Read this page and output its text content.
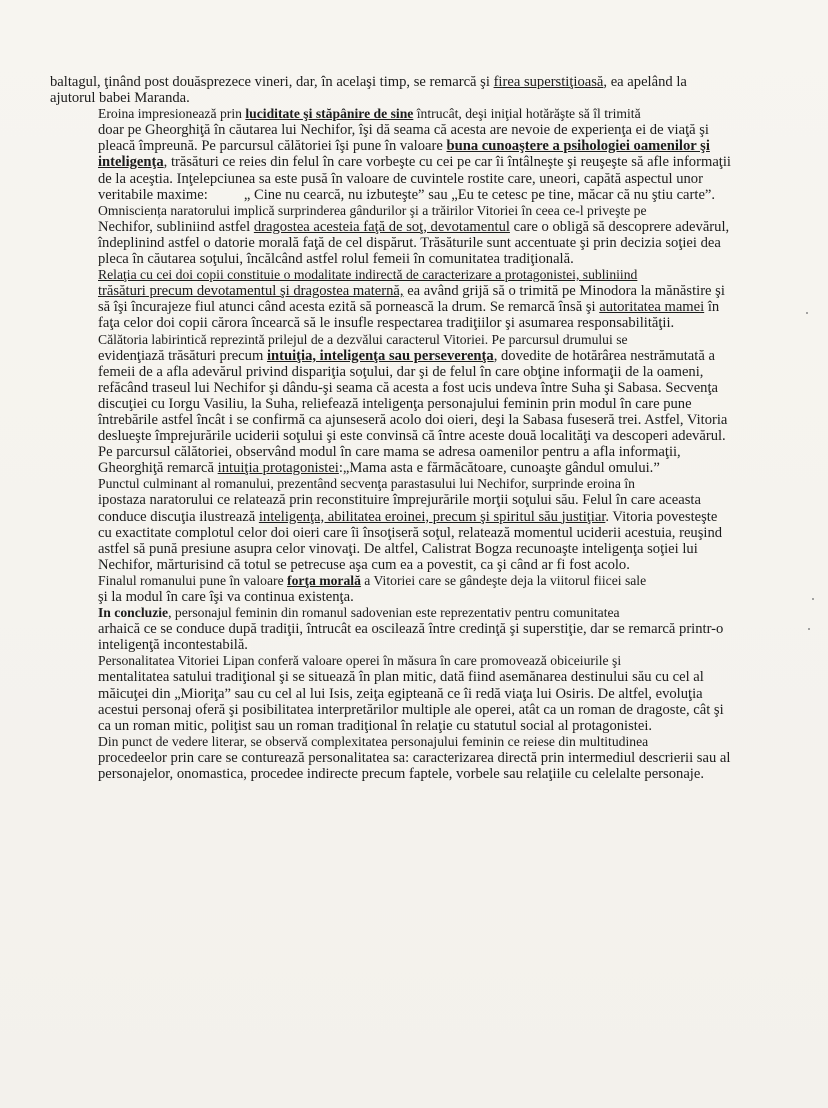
baltagul, ţinând post douăsprezece vineri, dar, în acelaşi timp, se remarcă şi firea superstiţioasă, ea apelând la
ajutorul babei Maranda.

Eroina impresionează prin luciditate şi stăpânire de sine întrucât, deşi iniţial hotărăşte să îl trimită
doar pe Gheorghiţă în căutarea lui Nechifor, îşi dă seama că acesta are nevoie de experienţa ei de viaţă şi
pleacă împreună. Pe parcursul călătoriei îşi pune în valoare buna cunoaştere a psihologiei oamenilor şi
inteligenţa, trăsături ce reies din felul în care vorbeşte cu cei pe car îi întâlneşte şi reuşeşte să afle informaţii
de la aceştia. Inţelepciunea sa este pusă în valoare de cuvintele rostite care, uneori, capătă aspectul unor
veritabile maxime: „ Cine nu cearcă, nu izbuteşte” sau „Eu te cetesc pe tine, măcar că nu ştiu carte”.

Omnisciența naratorului implică surprinderea gândurilor şi a trăirilor Vitoriei în ceea ce-l priveşte pe
Nechifor, subliniind astfel dragostea acesteia faţă de soţ, devotamentul care o obligă să descoprere adevărul,
îndeplinind astfel o datorie morală faţă de cel dispărut. Trăsăturile sunt accentuate şi prin decizia soţiei dea
pleca în căutarea soţului, încălcând astfel rolul femeii în comunitatea tradiţională.

Relaţia cu cei doi copii constituie o modalitate indirectă de caracterizare a protagonistei, subliniind
trăsături precum devotamentul şi dragostea maternă, ea având grijă să o trimită pe Minodora la mănăstire şi
să îşi încurajeze fiul atunci când acesta ezită să pornească la drum. Se remarcă însă şi autoritatea mamei în
faţa celor doi copii cărora încearcă să le insufle respectarea tradiţiilor şi asumarea responsabilităţii.

Călătoria labirintică reprezintă prilejul de a dezvălui caracterul Vitoriei. Pe parcursul drumului se
evidenţiază trăsături precum intuiţia, inteligenţa sau perseverenţa, dovedite de hotărârea nestrămutată a
femeii de a afla adevărul privind dispariţia soţului, dar şi de felul în care obţine informaţii de la oameni,
refăcând traseul lui Nechifor şi dându-şi seama că acesta a fost ucis undeva între Suha şi Sabasa. Secvenţa
discuţiei cu Iorgu Vasiliu, la Suha, reliefează inteligenţa personajului feminin prin modul în care pune
întrebările astfel încât i se confirmă ca ajunseseră acolo doi oieri, deşi la Sabasa fuseseră trei. Astfel, Vitoria
deslueşte împrejurările uciderii soţului şi este convinsă că între aceste două localităţi va descoperi adevărul.
Pe parcursul călătoriei, observând modul în care mama se adresa oamenilor pentru a afla informaţii,
Gheorghiţă remarcă intuiţia protagonistei:„Mama asta e fărmăcătoare, cunoaşte gândul omului.”

Punctul culminant al romanului, prezentând secvenţa parastasului lui Nechifor, surprinde eroina în
ipostaza naratorului ce relatează prin reconstituire împrejurările morţii soţului său. Felul în care aceasta
conduce discuţia ilustrează inteligenţa, abilitatea eroinei, precum şi spiritul său justiţiar. Vitoria povesteşte
cu exactitate complotul celor doi oieri care îi însoţiseră soţul, relatează momentul uciderii acestuia, reuşind
astfel să pună presiune asupra celor vinovaţi. De altfel, Calistrat Bogza recunoaşte inteligenţa soţiei lui
Nechifor, mărturisind că totul se petrecuse aşa cum ea a povestit, ca şi când ar fi fost acolo.

Finalul romanului pune în valoare forţa morală a Vitoriei care se gândeşte deja la viitorul fiicei sale
şi la modul în care îşi va continua existenţa.

In concluzie, personajul feminin din romanul sadovenian este reprezentativ pentru comunitatea
arhaică ce se conduce după tradiţii, întrucât ea oscilează între credinţă şi superstiţie, dar se remarcă printr-o
inteligenţă incontestabilă.

Personalitatea Vitoriei Lipan conferă valoare operei în măsura în care promovează obiceiurile şi
mentalitatea satului tradiţional şi se situează în plan mitic, dată fiind asemănarea destinului său cu cel al
măicuţei din „Mioriţa” sau cu cel al lui Isis, zeiţa egipteană ce îi redă viaţa lui Osiris. De altfel, evoluţia
acestui personaj oferă şi posibilitatea interpretărilor multiple ale operei, atât ca un roman de dragoste, cât şi
ca un roman mitic, poliţist sau un roman tradiţional în relaţie cu statutul social al protagonistei.

Din punct de vedere literar, se observă complexitatea personajului feminin ce reiese din multitudinea
procedeelor prin care se conturează personalitatea sa: caracterizarea directă prin intermediul descrierii sau al
personajelor, onomastica, procedee indirecte precum faptele, vorbele sau relaţiile cu celelalte personaje.
